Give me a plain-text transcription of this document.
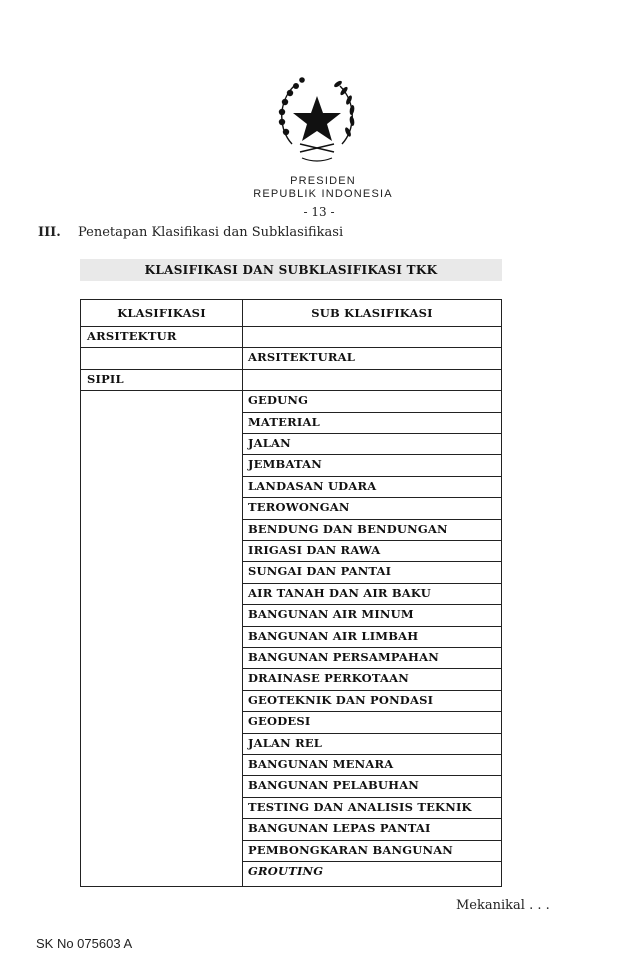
PRESIDEN
REPUBLIK INDONESIA
- 13 -
III. Penetapan Klasifikasi dan Subklasifikasi
KLASIFIKASI DAN SUBKLASIFIKASI TKK
KLASIFIKASI	SUB KLASIFIKASI
ARSITEKTUR
ARSITEKTURAL
SIPIL
GEDUNG
MATERIAL
JALAN
JEMBATAN
LANDASAN UDARA
TEROWONGAN
BENDUNG DAN BENDUNGAN
IRIGASI DAN RAWA
SUNGAI DAN PANTAI
AIR TANAH DAN AIR BAKU
BANGUNAN AIR MINUM
BANGUNAN AIR LIMBAH
BANGUNAN PERSAMPAHAN
DRAINASE PERKOTAAN
GEOTEKNIK DAN PONDASI
GEODESI
JALAN REL
BANGUNAN MENARA
BANGUNAN PELABUHAN
TESTING DAN ANALISIS TEKNIK
BANGUNAN LEPAS PANTAI
PEMBONGKARAN BANGUNAN
GROUTING
Mekanikal . . .
SK No 075603 A
